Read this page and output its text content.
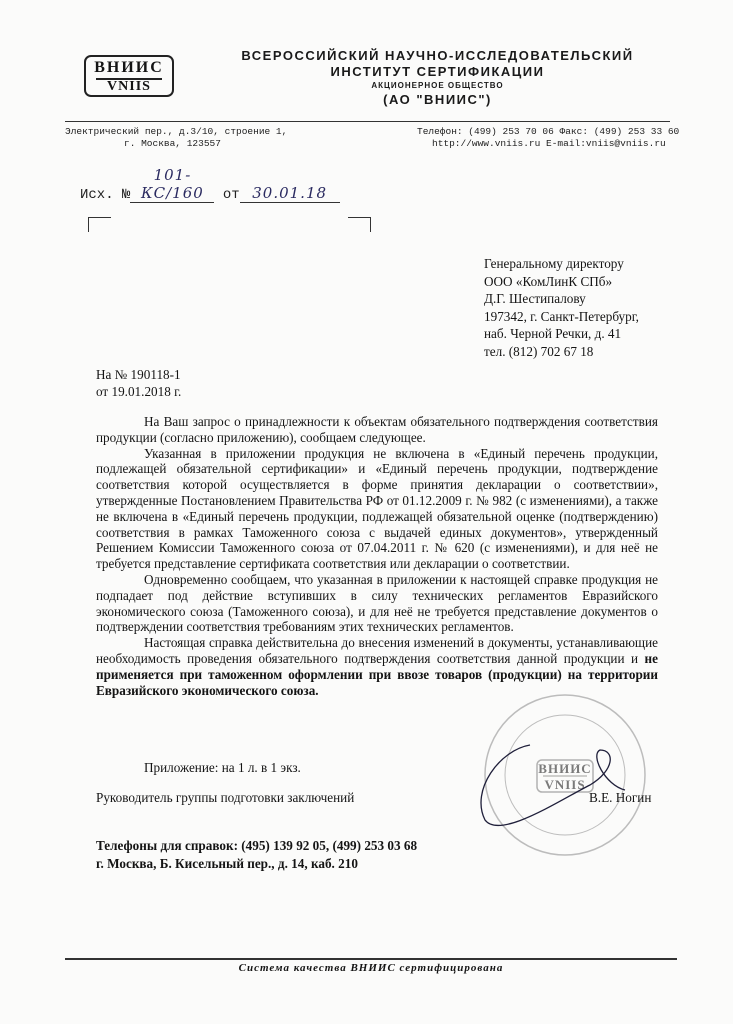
ВНИИС
VNIIS
ВСЕРОССИЙСКИЙ НАУЧНО-ИССЛЕДОВАТЕЛЬСКИЙ
ИНСТИТУТ СЕРТИФИКАЦИИ
АКЦИОНЕРНОЕ ОБЩЕСТВО
(АО "ВНИИС")
Электрический пер., д.3/10, строение 1,
г. Москва, 123557
Телефон: (499) 253 70 06 Факс: (499) 253 33 60
http://www.vniis.ru E-mail:vniis@vniis.ru
Исх. №101-КС/160 от 30.01.18
Генеральному директору
ООО «КомЛинК СПб»
Д.Г. Шестипалову
197342, г. Санкт-Петербург,
наб. Черной Речки, д. 41
тел. (812) 702 67 18
На № 190118-1
от 19.01.2018 г.

На Ваш запрос о принадлежности к объектам обязательного подтверждения соответствия продукции (согласно приложению), сообщаем следующее.

Указанная в приложении продукция не включена в «Единый перечень продукции, подлежащей обязательной сертификации» и «Единый перечень продукции, подтверждение соответствия которой осуществляется в форме принятия декларации о соответствии», утвержденные Постановлением Правительства РФ от 01.12.2009 г. № 982 (с изменениями), а также не включена в «Единый перечень продукции, подлежащей обязательной оценке (подтверждению) соответствия в рамках Таможенного союза с выдачей единых документов», утвержденный Решением Комиссии Таможенного союза от 07.04.2011 г. № 620 (с изменениями), и для неё не требуется представление сертификата соответствия или декларации о соответствии.

Одновременно сообщаем, что указанная в приложении к настоящей справке продукция не подпадает под действие вступивших в силу технических регламентов Евразийского экономического союза (Таможенного союза), и для неё не требуется представление документов о подтверждении соответствия требованиям этих технических регламентов.

Настоящая справка действительна до внесения изменений в документы, устанавливающие необходимость проведения обязательного подтверждения соответствия данной продукции и не применяется при таможенном оформлении при ввозе товаров (продукции) на территории Евразийского экономического союза.

Приложение: на 1 л. в 1 экз.	ВНИИС
VNIIS
Руководитель группы подготовки заключений	В.Е. Ногин
Телефоны для справок: (495) 139 92 05, (499) 253 03 68
г. Москва, Б. Кисельный пер., д. 14, каб. 210
Система качества ВНИИС сертифицирована
